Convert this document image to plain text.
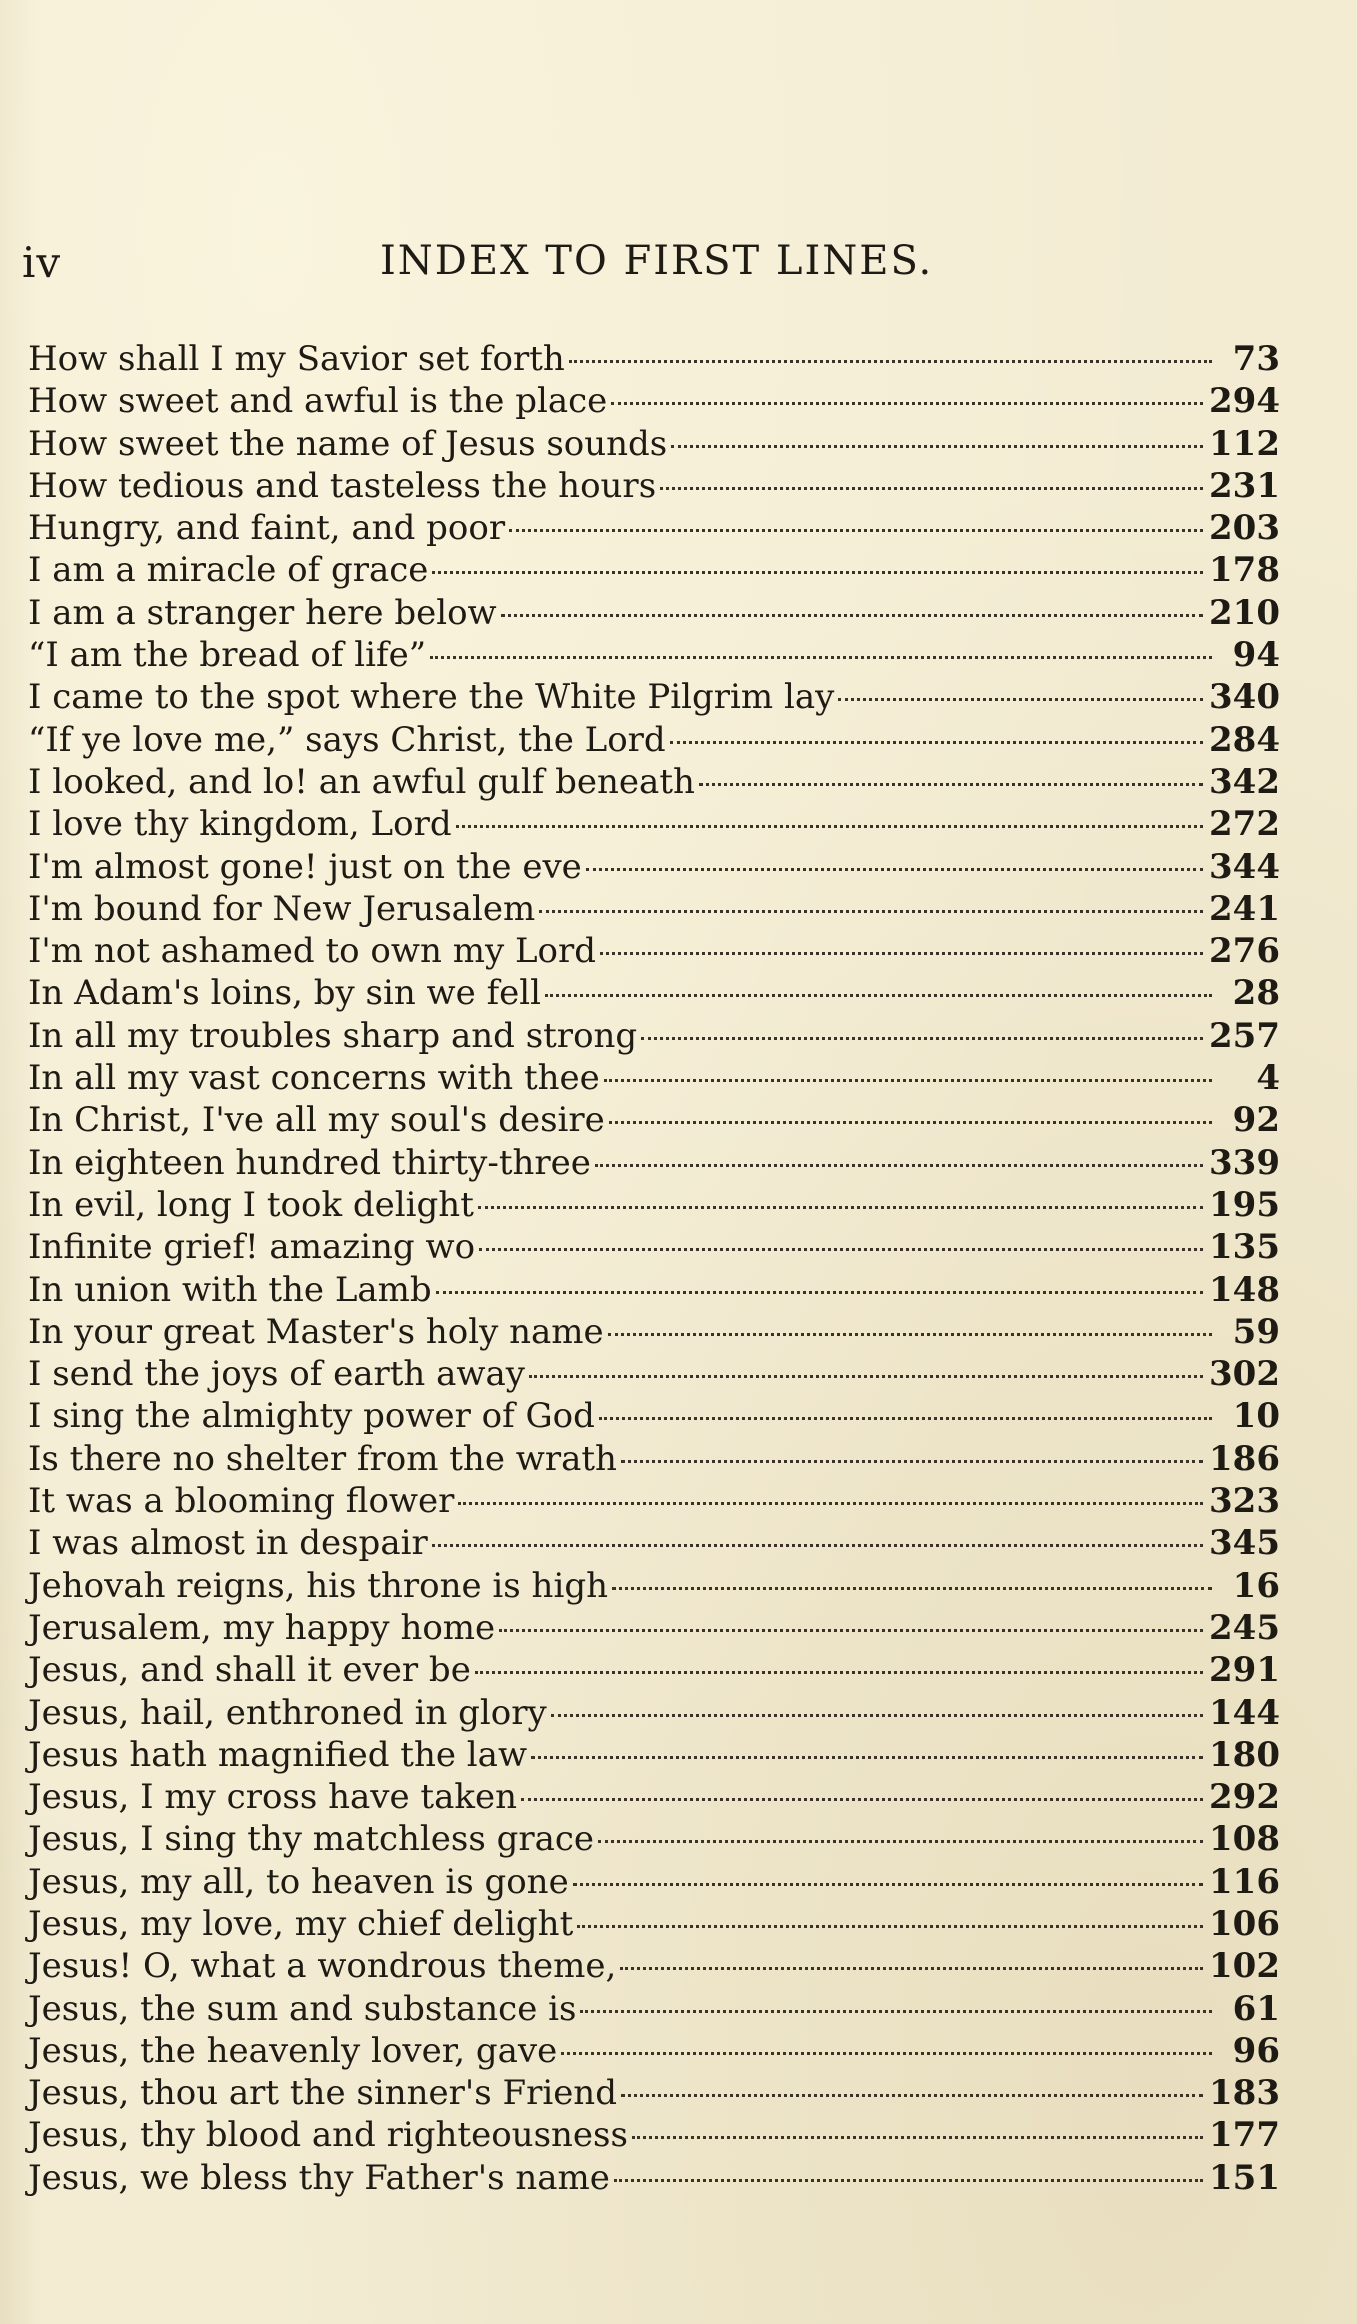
iv	INDEX TO FIRST LINES.
How shall I my Savior set forth	73
How sweet and awful is the place	294
How sweet the name of Jesus sounds	112
How tedious and tasteless the hours	231
Hungry, and faint, and poor	203
I am a miracle of grace	178
I am a stranger here below	210
“I am the bread of life”	94
I came to the spot where the White Pilgrim lay	340
“If ye love me,” says Christ, the Lord	284
I looked, and lo! an awful gulf beneath	342
I love thy kingdom, Lord	272
I'm almost gone! just on the eve	344
I'm bound for New Jerusalem	241
I'm not ashamed to own my Lord	276
In Adam's loins, by sin we fell	28
In all my troubles sharp and strong	257
In all my vast concerns with thee	4
In Christ, I've all my soul's desire	92
In eighteen hundred thirty-three	339
In evil, long I took delight	195
Infinite grief! amazing wo	135
In union with the Lamb	148
In your great Master's holy name	59
I send the joys of earth away	302
I sing the almighty power of God	10
Is there no shelter from the wrath	186
It was a blooming flower	323
I was almost in despair	345
Jehovah reigns, his throne is high	16
Jerusalem, my happy home	245
Jesus, and shall it ever be	291
Jesus, hail, enthroned in glory	144
Jesus hath magnified the law	180
Jesus, I my cross have taken	292
Jesus, I sing thy matchless grace	108
Jesus, my all, to heaven is gone	116
Jesus, my love, my chief delight	106
Jesus! O, what a wondrous theme,	102
Jesus, the sum and substance is	61
Jesus, the heavenly lover, gave	96
Jesus, thou art the sinner's Friend	183
Jesus, thy blood and righteousness	177
Jesus, we bless thy Father's name	151
